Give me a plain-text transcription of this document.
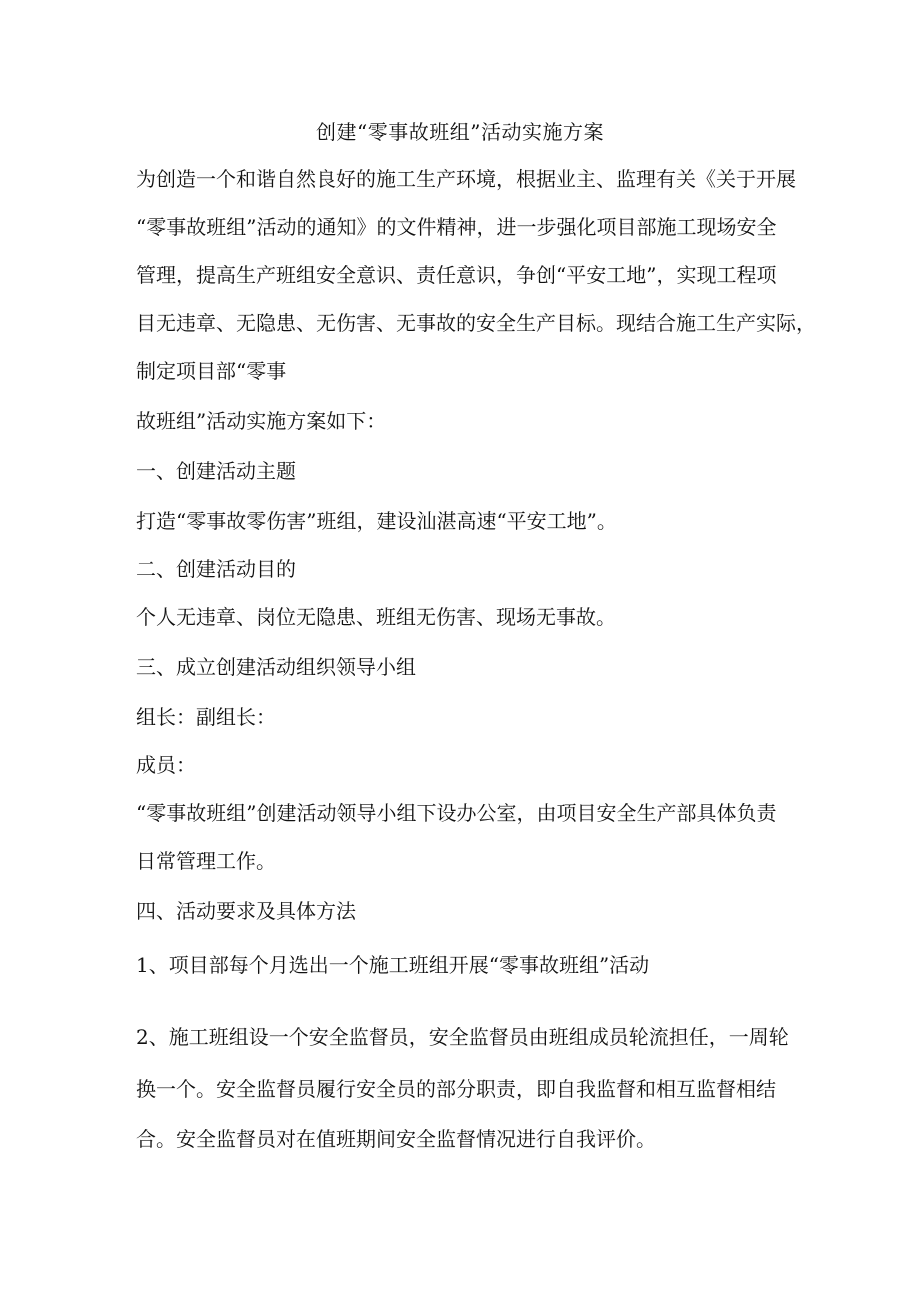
创建“零事故班组”活动实施方案
为创造一个和谐自然良好的施工生产环境，根据业主、监理有关《关于开展
“零事故班组”活动的通知》的文件精神，进一步强化项目部施工现场安全
管理，提高生产班组安全意识、责任意识，争创“平安工地”，实现工程项
目无违章、无隐患、无伤害、无事故的安全生产目标。现结合施工生产实际，
制定项目部“零事
故班组”活动实施方案如下：
一、创建活动主题
打造“零事故零伤害”班组，建设汕湛高速“平安工地”。
二、创建活动目的
个人无违章、岗位无隐患、班组无伤害、现场无事故。
三、成立创建活动组织领导小组
组长：副组长：
成员：
“零事故班组”创建活动领导小组下设办公室，由项目安全生产部具体负责
日常管理工作。
四、活动要求及具体方法
1、项目部每个月选出一个施工班组开展“零事故班组”活动
2、施工班组设一个安全监督员，安全监督员由班组成员轮流担任，一周轮
换一个。安全监督员履行安全员的部分职责，即自我监督和相互监督相结
合。安全监督员对在值班期间安全监督情况进行自我评价。
